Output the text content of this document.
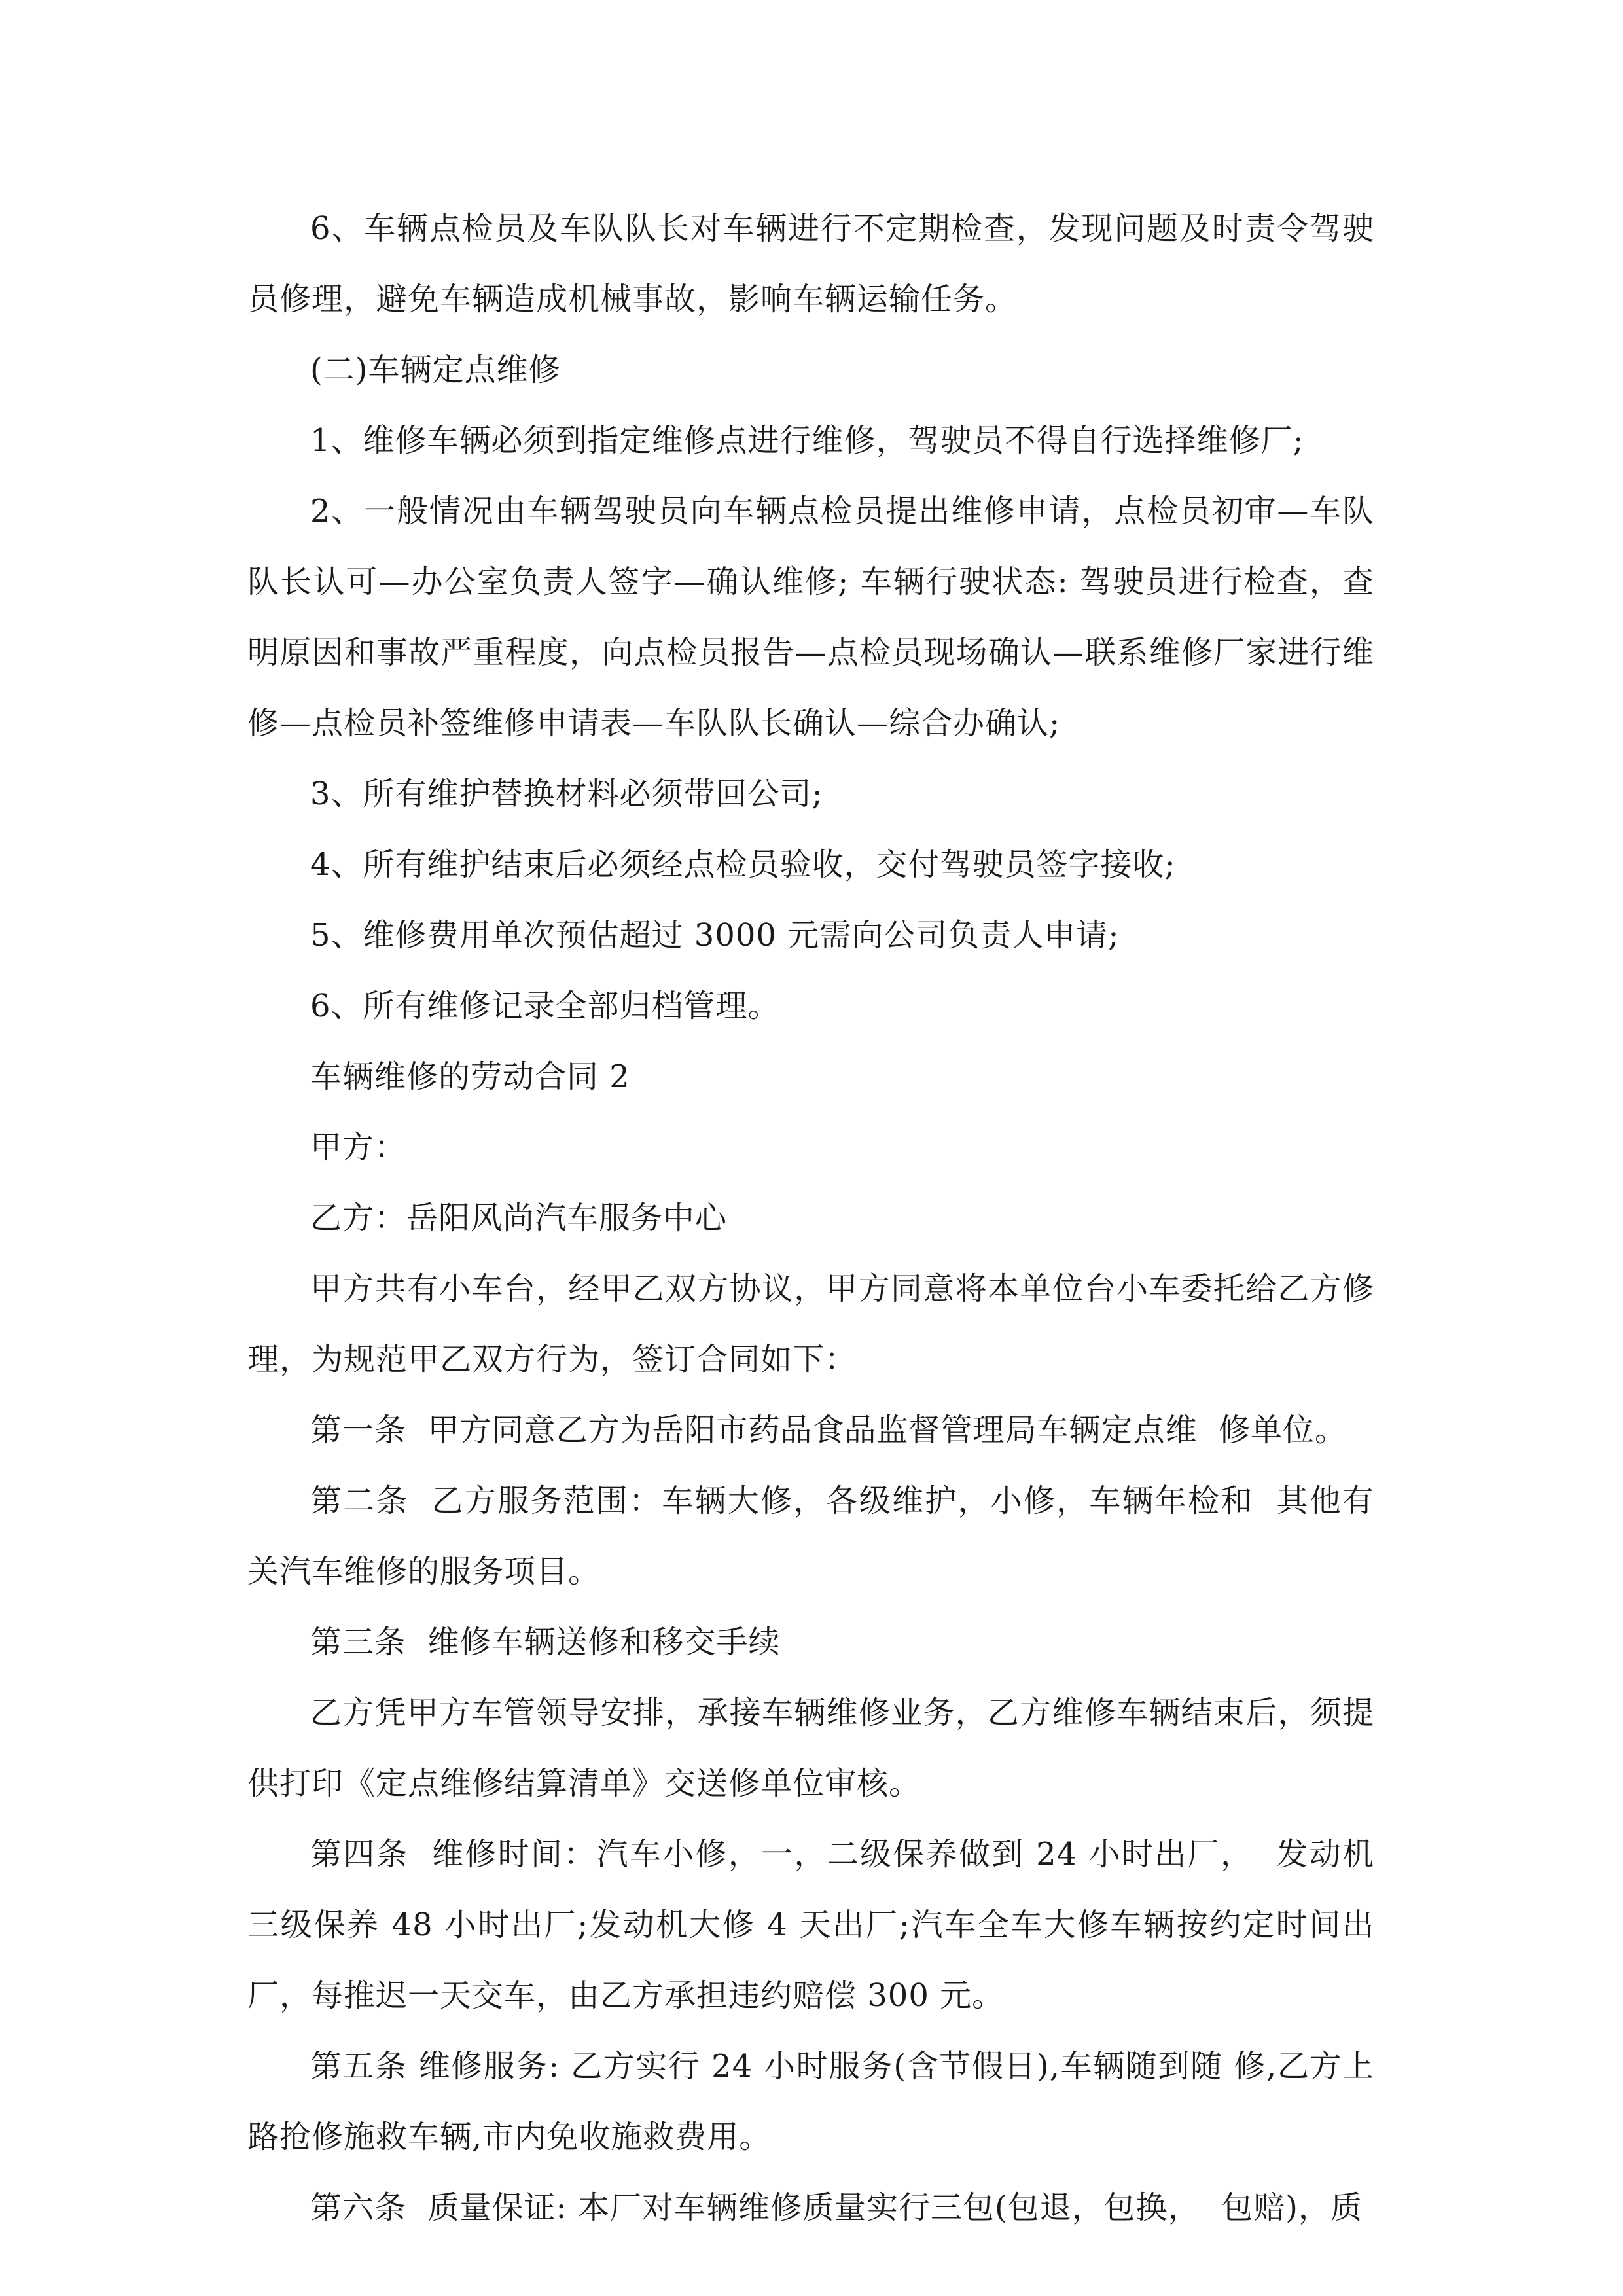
6、车辆点检员及车队队长对车辆进行不定期检查，发现问题及时责令驾驶员修理，避免车辆造成机械事故，影响车辆运输任务。

(二)车辆定点维修

1、维修车辆必须到指定维修点进行维修，驾驶员不得自行选择维修厂;

2、一般情况由车辆驾驶员向车辆点检员提出维修申请，点检员初审—车队队长认可—办公室负责人签字—确认维修; 车辆行驶状态: 驾驶员进行检查，查明原因和事故严重程度，向点检员报告—点检员现场确认—联系维修厂家进行维修—点检员补签维修申请表—车队队长确认—综合办确认;

3、所有维护替换材料必须带回公司;

4、所有维护结束后必须经点检员验收，交付驾驶员签字接收;

5、维修费用单次预估超过 3000 元需向公司负责人申请;

6、所有维修记录全部归档管理。

车辆维修的劳动合同 2

甲方：

乙方：岳阳风尚汽车服务中心

甲方共有小车台，经甲乙双方协议，甲方同意将本单位台小车委托给乙方修理，为规范甲乙双方行为，签订合同如下：

第一条  甲方同意乙方为岳阳市药品食品监督管理局车辆定点维  修单位。

第二条  乙方服务范围：车辆大修，各级维护，小修，车辆年检和  其他有关汽车维修的服务项目。

第三条  维修车辆送修和移交手续

乙方凭甲方车管领导安排，承接车辆维修业务，乙方维修车辆结束后，须提供打印《定点维修结算清单》交送修单位审核。

第四条  维修时间：汽车小修，一，二级保养做到 24 小时出厂，  发动机三级保养 48 小时出厂;发动机大修 4 天出厂;汽车全车大修车辆按约定时间出厂，每推迟一天交车，由乙方承担违约赔偿 300 元。

第五条 维修服务: 乙方实行 24 小时服务(含节假日),车辆随到随 修,乙方上路抢修施救车辆,市内免收施救费用。

第六条  质量保证: 本厂对车辆维修质量实行三包(包退，包换，  包赔)，质
